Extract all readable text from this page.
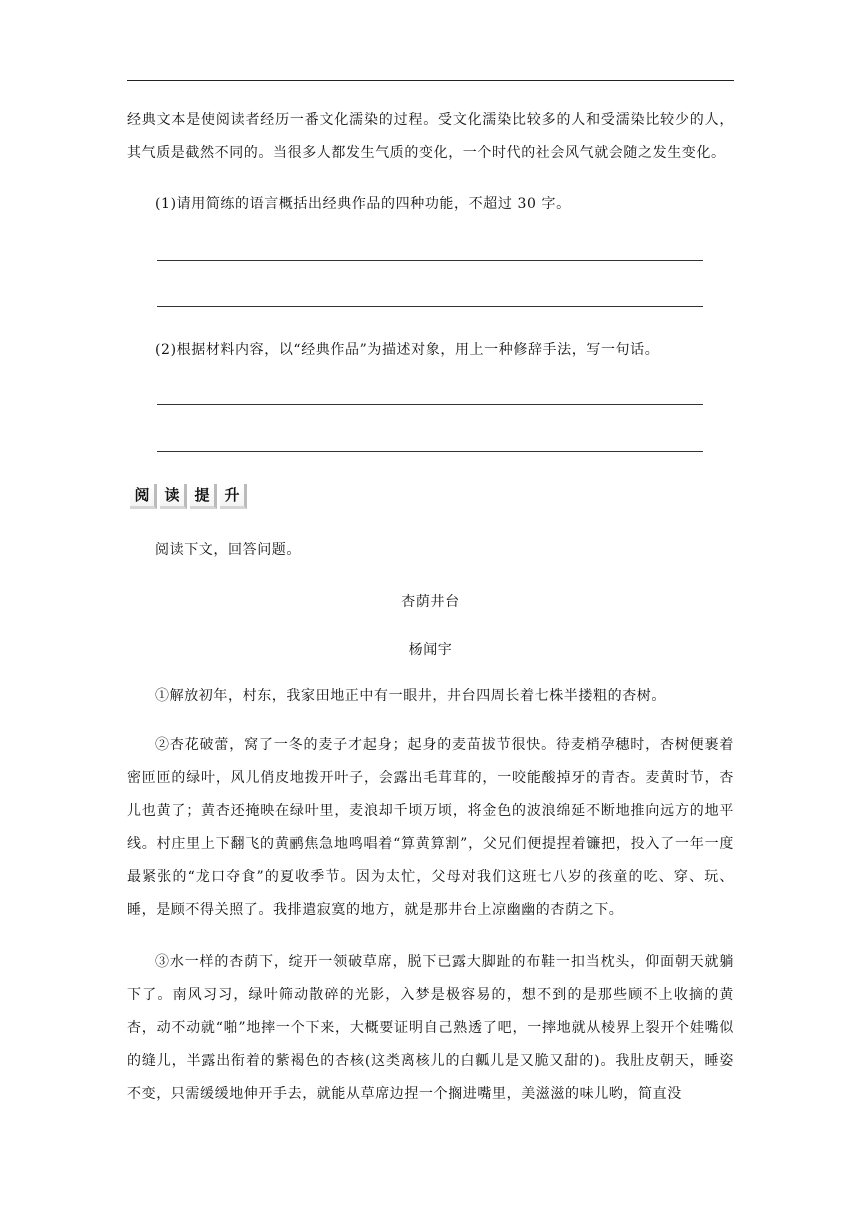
经典文本是使阅读者经历一番文化濡染的过程。受文化濡染比较多的人和受濡染比较少的人，其气质是截然不同的。当很多人都发生气质的变化，一个时代的社会风气就会随之发生变化。
(1)请用简练的语言概括出经典作品的四种功能，不超过 30 字。
(2)根据材料内容，以“经典作品”为描述对象，用上一种修辞手法，写一句话。
阅 读 提 升
阅读下文，回答问题。
杏荫井台
杨闻宇
①解放初年，村东，我家田地正中有一眼井，井台四周长着七株半搂粗的杏树。
②杏花破蕾，窝了一冬的麦子才起身；起身的麦苗拔节很快。待麦梢孕穗时，杏树便裹着密匝匝的绿叶，风儿俏皮地拨开叶子，会露出毛茸茸的，一咬能酸掉牙的青杏。麦黄时节，杏儿也黄了；黄杏还掩映在绿叶里，麦浪却千顷万顷，将金色的波浪绵延不断地推向远方的地平线。村庄里上下翻飞的黄鹂焦急地鸣唱着“算黄算割”，父兄们便提捏着镰把，投入了一年一度最紧张的“龙口夺食”的夏收季节。因为太忙，父母对我们这班七八岁的孩童的吃、穿、玩、睡，是顾不得关照了。我排遣寂寞的地方，就是那井台上凉幽幽的杏荫之下。
③水一样的杏荫下，绽开一领破草席，脱下已露大脚趾的布鞋一扣当枕头，仰面朝天就躺下了。南风习习，绿叶筛动散碎的光影，入梦是极容易的，想不到的是那些顾不上收摘的黄杏，动不动就“啪”地摔一个下来，大概要证明自己熟透了吧，一摔地就从棱界上裂开个娃嘴似的缝儿，半露出衔着的紫褐色的杏核(这类离核儿的白瓤儿是又脆又甜的)。我肚皮朝天，睡姿不变，只需缓缓地伸开手去，就能从草席边捏一个搁进嘴里，美滋滋的味儿哟，简直没
